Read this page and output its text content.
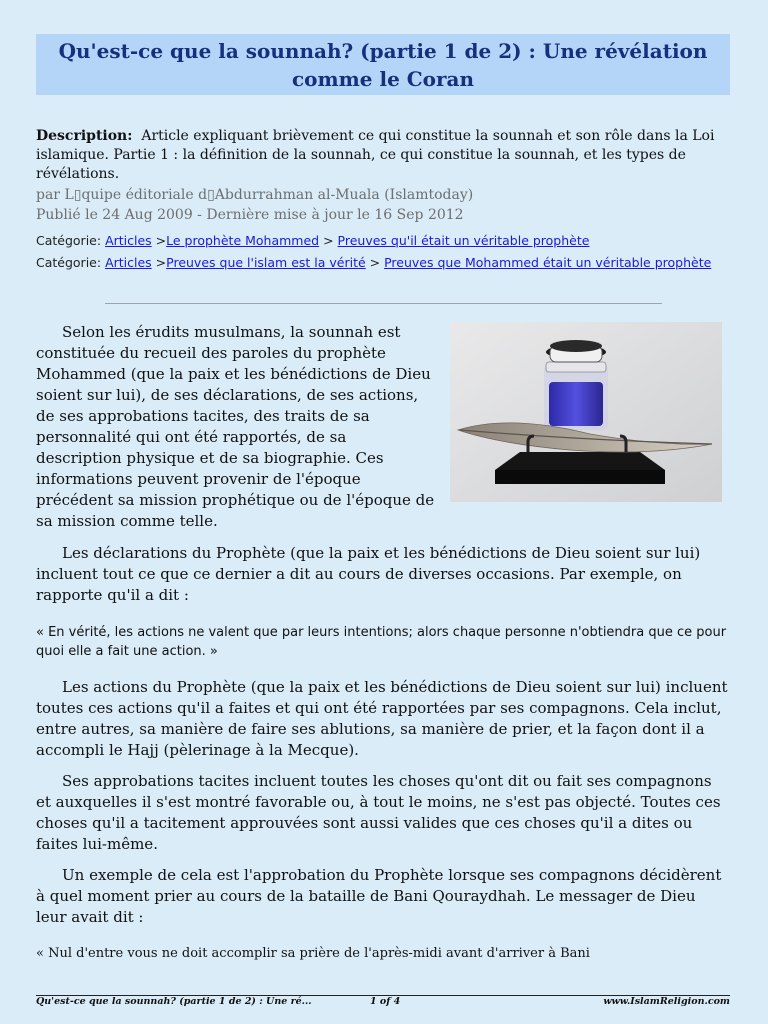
Qu'est-ce que la sounnah? (partie 1 de 2) : Une révélation comme le Coran
Description: Article expliquant brièvement ce qui constitue la sounnah et son rôle dans la Loi islamique. Partie 1 : la définition de la sounnah, ce qui constitue la sounnah, et les types de révélations.
par L▯quipe éditoriale d▯Abdurrahman al-Muala (Islamtoday)
Publié le 24 Aug 2009 - Dernière mise à jour le 16 Sep 2012
Catégorie: Articles >Le prophète Mohammed > Preuves qu'il était un véritable prophète
Catégorie: Articles >Preuves que l'islam est la vérité > Preuves que Mohammed était un véritable prophète

Selon les érudits musulmans, la sounnah est constituée du recueil des paroles du prophète Mohammed (que la paix et les bénédictions de Dieu soient sur lui), de ses déclarations, de ses actions, de ses approbations tacites, des traits de sa personnalité qui ont été rapportés, de sa description physique et de sa biographie. Ces informations peuvent provenir de l'époque précédent sa mission prophétique ou de l'époque de sa mission comme telle.

Les déclarations du Prophète (que la paix et les bénédictions de Dieu soient sur lui) incluent tout ce que ce dernier a dit au cours de diverses occasions. Par exemple, on rapporte qu'il a dit :

« En vérité, les actions ne valent que par leurs intentions; alors chaque personne n'obtiendra que ce pour quoi elle a fait une action. »

Les actions du Prophète (que la paix et les bénédictions de Dieu soient sur lui) incluent toutes ces actions qu'il a faites et qui ont été rapportées par ses compagnons. Cela inclut, entre autres, sa manière de faire ses ablutions, sa manière de prier, et la façon dont il a accompli le Hajj (pèlerinage à la Mecque).

Ses approbations tacites incluent toutes les choses qu'ont dit ou fait ses compagnons et auxquelles il s'est montré favorable ou, à tout le moins, ne s'est pas objecté. Toutes ces choses qu'il a tacitement approuvées sont aussi valides que ces choses qu'il a dites ou faites lui-même.

Un exemple de cela est l'approbation du Prophète lorsque ses compagnons décidèrent à quel moment prier au cours de la bataille de Bani Qouraydhah. Le messager de Dieu leur avait dit :

« Nul d'entre vous ne doit accomplir sa prière de l'après-midi avant d'arriver à Bani
Qu'est-ce que la sounnah? (partie 1 de 2) : Une ré...	1 of 4	www.IslamReligion.com
